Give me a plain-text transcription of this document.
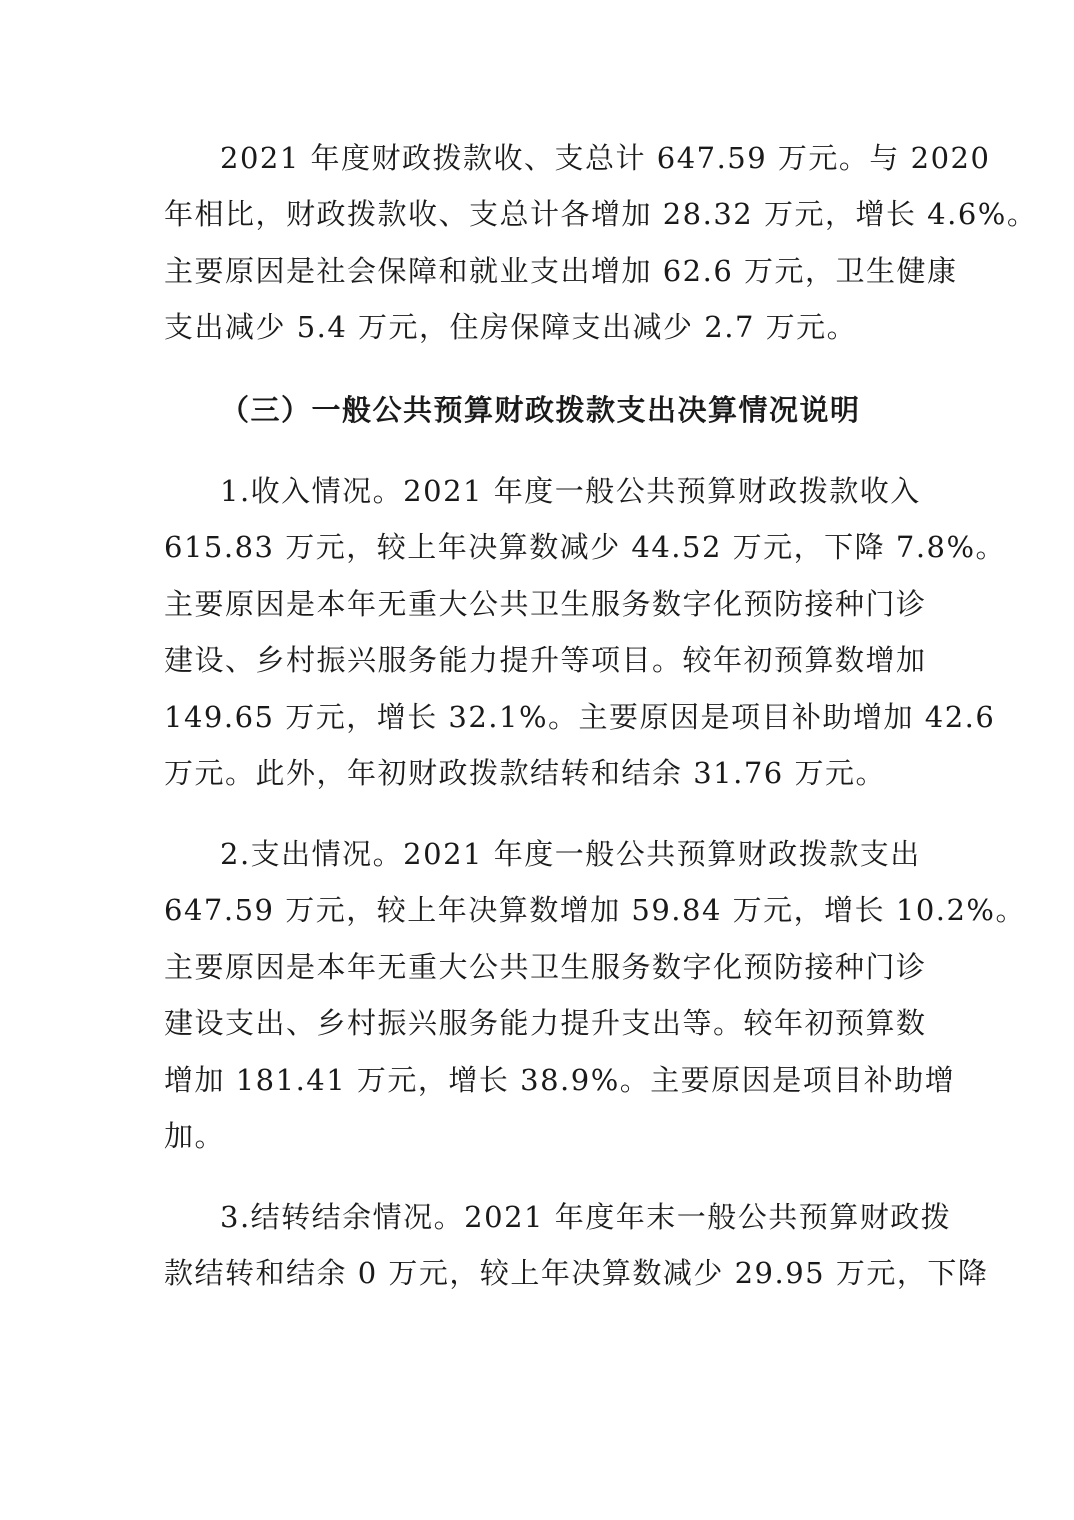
2021 年度财政拨款收、支总计 647.59 万元。与 2020
年相比，财政拨款收、支总计各增加 28.32 万元，增长 4.6%。
主要原因是社会保障和就业支出增加 62.6 万元，卫生健康
支出减少 5.4 万元，住房保障支出减少 2.7 万元。
（三）一般公共预算财政拨款支出决算情况说明
1.收入情况。2021 年度一般公共预算财政拨款收入
615.83 万元，较上年决算数减少 44.52 万元，下降 7.8%。
主要原因是本年无重大公共卫生服务数字化预防接种门诊
建设、乡村振兴服务能力提升等项目。较年初预算数增加
149.65 万元，增长 32.1%。主要原因是项目补助增加 42.6
万元。此外，年初财政拨款结转和结余 31.76 万元。
2.支出情况。2021 年度一般公共预算财政拨款支出
647.59 万元，较上年决算数增加 59.84 万元，增长 10.2%。
主要原因是本年无重大公共卫生服务数字化预防接种门诊
建设支出、乡村振兴服务能力提升支出等。较年初预算数
增加 181.41 万元，增长 38.9%。主要原因是项目补助增
加。
3.结转结余情况。2021 年度年末一般公共预算财政拨
款结转和结余 0 万元，较上年决算数减少 29.95 万元，下降
